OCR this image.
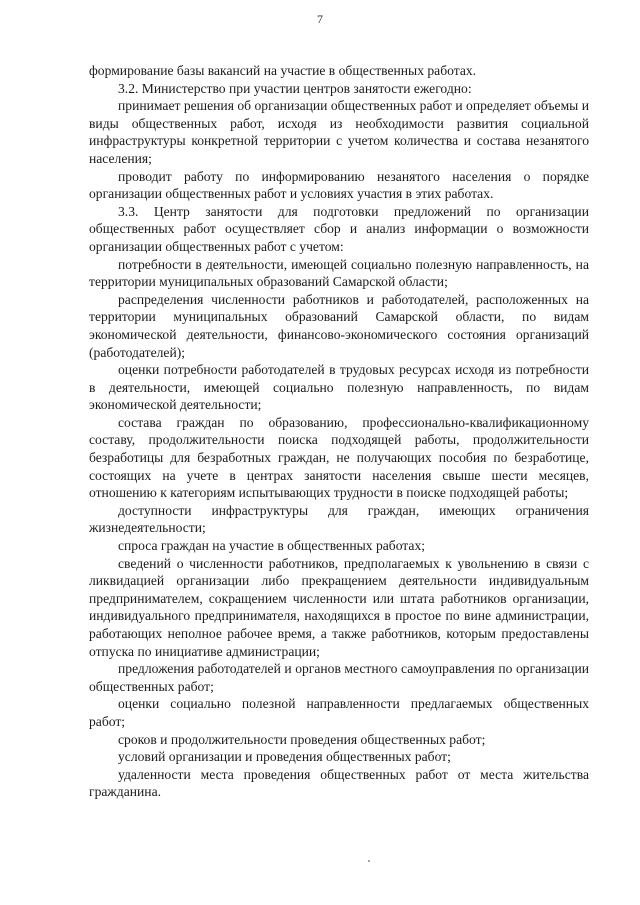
7

формирование базы вакансий на участие в общественных работах.

3.2. Министерство при участии центров занятости ежегодно:

принимает решения об организации общественных работ и определяет объемы и виды общественных работ, исходя из необходимости развития социальной инфраструктуры конкретной территории с учетом количества и состава незанятого населения;

проводит работу по информированию незанятого населения о порядке организации общественных работ и условиях участия в этих работах.

3.3. Центр занятости для подготовки предложений по организации общественных работ осуществляет сбор и анализ информации о возможности организации общественных работ с учетом:

потребности в деятельности, имеющей социально полезную направленность, на территории муниципальных образований Самарской области;

распределения численности работников и работодателей, расположенных на территории муниципальных образований Самарской области, по видам экономической деятельности, финансово-экономического состояния организаций (работодателей);

оценки потребности работодателей в трудовых ресурсах исходя из потребности в деятельности, имеющей социально полезную направленность, по видам экономической деятельности;

состава граждан по образованию, профессионально-квалификационному составу, продолжительности поиска подходящей работы, продолжительности безработицы для безработных граждан, не получающих пособия по безработице, состоящих на учете в центрах занятости населения свыше шести месяцев, отношению к категориям испытывающих трудности в поиске подходящей работы;

доступности инфраструктуры для граждан, имеющих ограничения жизнедеятельности;

спроса граждан на участие в общественных работах;

сведений о численности работников, предполагаемых к увольнению в связи с ликвидацией организации либо прекращением деятельности индивидуальным предпринимателем, сокращением численности или штата работников организации, индивидуального предпринимателя, находящихся в простое по вине администрации, работающих неполное рабочее время, а также работников, которым предоставлены отпуска по инициативе администрации;

предложения работодателей и органов местного самоуправления по организации общественных работ;

оценки социально полезной направленности предлагаемых общественных работ;

сроков и продолжительности проведения общественных работ;

условий организации и проведения общественных работ;

удаленности места проведения общественных работ от места жительства гражданина.
